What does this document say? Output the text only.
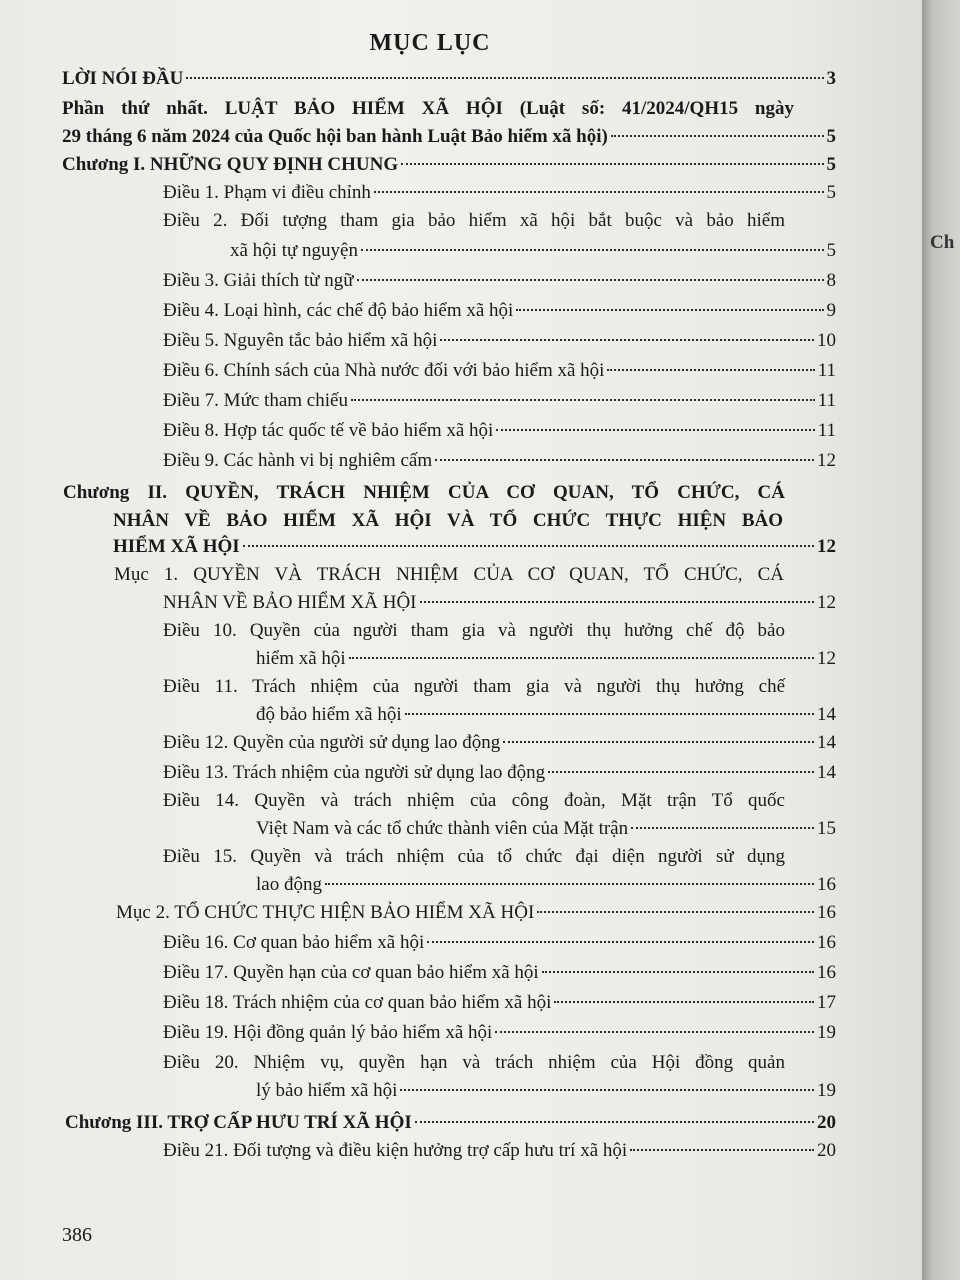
MỤC LỤC
LỜI NÓI ĐẦU	3
Phần thứ nhất. LUẬT BẢO HIỂM XÃ HỘI (Luật số: 41/2024/QH15 ngày
29 tháng 6 năm 2024 của Quốc hội ban hành Luật Bảo hiểm xã hội)	5
Chương I. NHỮNG QUY ĐỊNH CHUNG	5
Điều 1. Phạm vi điều chỉnh	5
Điều 2. Đối tượng tham gia bảo hiểm xã hội bắt buộc và bảo hiểm
xã hội tự nguyện	5
Điều 3. Giải thích từ ngữ	8
Điều 4. Loại hình, các chế độ bảo hiểm xã hội	9
Điều 5. Nguyên tắc bảo hiểm xã hội	10
Điều 6. Chính sách của Nhà nước đối với bảo hiểm xã hội	11
Điều 7. Mức tham chiếu	11
Điều 8. Hợp tác quốc tế về bảo hiểm xã hội	11
Điều 9. Các hành vi bị nghiêm cấm	12
Chương II. QUYỀN, TRÁCH NHIỆM CỦA CƠ QUAN, TỔ CHỨC, CÁ
NHÂN VỀ BẢO HIỂM XÃ HỘI VÀ TỔ CHỨC THỰC HIỆN BẢO
HIỂM XÃ HỘI	12
Mục 1. QUYỀN VÀ TRÁCH NHIỆM CỦA CƠ QUAN, TỔ CHỨC, CÁ
NHÂN VỀ BẢO HIỂM XÃ HỘI	12
Điều 10. Quyền của người tham gia và người thụ hưởng chế độ bảo
hiểm xã hội	12
Điều 11. Trách nhiệm của người tham gia và người thụ hưởng chế
độ bảo hiểm xã hội	14
Điều 12. Quyền của người sử dụng lao động	14
Điều 13. Trách nhiệm của người sử dụng lao động	14
Điều 14. Quyền và trách nhiệm của công đoàn, Mặt trận Tổ quốc
Việt Nam và các tổ chức thành viên của Mặt trận	15
Điều 15. Quyền và trách nhiệm của tổ chức đại diện người sử dụng
lao động	16
Mục 2. TỔ CHỨC THỰC HIỆN BẢO HIỂM XÃ HỘI	16
Điều 16. Cơ quan bảo hiểm xã hội	16
Điều 17. Quyền hạn của cơ quan bảo hiểm xã hội	16
Điều 18. Trách nhiệm của cơ quan bảo hiểm xã hội	17
Điều 19. Hội đồng quản lý bảo hiểm xã hội	19
Điều 20. Nhiệm vụ, quyền hạn và trách nhiệm của Hội đồng quản
lý bảo hiểm xã hội	19
Chương III. TRỢ CẤP HƯU TRÍ XÃ HỘI	20
Điều 21. Đối tượng và điều kiện hưởng trợ cấp hưu trí xã hội	20
386
Ch
